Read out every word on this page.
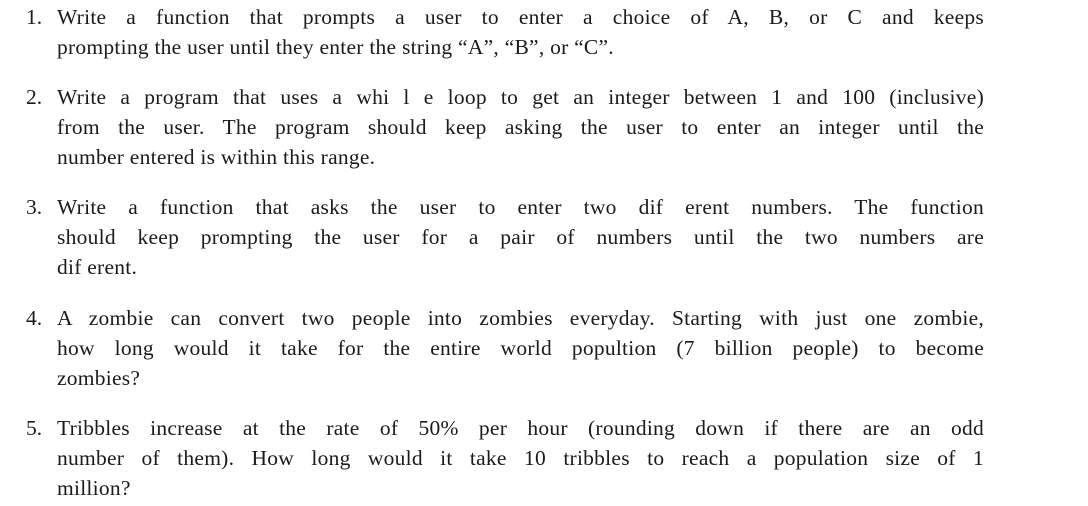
1. Write a function that prompts a user to enter a choice of A, B, or C and keeps
prompting the user until they enter the string “A”, “B”, or “C”.
2. Write a program that uses a whi l e loop to get an integer between 1 and 100 (inclusive)
from the user. The program should keep asking the user to enter an integer until the
number entered is within this range.
3. Write a function that asks the user to enter two dif erent numbers. The function
should keep prompting the user for a pair of numbers until the two numbers are
dif erent.
4. A zombie can convert two people into zombies everyday. Starting with just one zombie,
how long would it take for the entire world popultion (7 billion people) to become
zombies?
5. Tribbles increase at the rate of 50% per hour (rounding down if there are an odd
number of them). How long would it take 10 tribbles to reach a population size of 1
million?
